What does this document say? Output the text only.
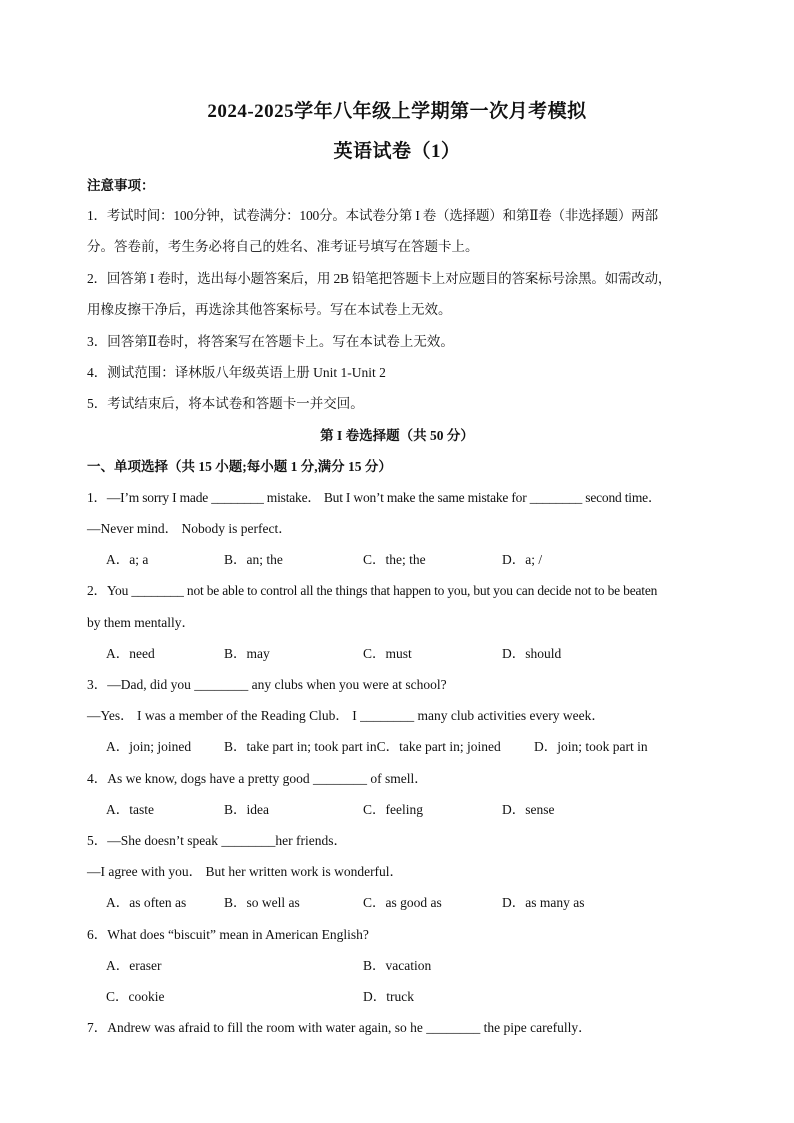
2024-2025学年八年级上学期第一次月考模拟
英语试卷（1）
注意事项：
1．考试时间：100分钟，试卷满分：100分。本试卷分第 I 卷（选择题）和第Ⅱ卷（非选择题）两部
分。答卷前，考生务必将自己的姓名、准考证号填写在答题卡上。
2．回答第 I 卷时，选出每小题答案后，用 2B 铅笔把答题卡上对应题目的答案标号涂黑。如需改动，
用橡皮擦干净后，再选涂其他答案标号。写在本试卷上无效。
3．回答第Ⅱ卷时，将答案写在答题卡上。写在本试卷上无效。
4．测试范围：译林版八年级英语上册 Unit 1-Unit 2
5．考试结束后，将本试卷和答题卡一并交回。
第 I 卷选择题（共 50 分）
一、单项选择（共 15 小题;每小题 1 分,满分 15 分）
1．—I’m sorry I made ________ mistake． But I won’t make the same mistake for ________ second time．
—Never mind． Nobody is perfect．
A．a; a	B．an; the	C．the; the	D．a; /
2．You ________ not be able to control all the things that happen to you, but you can decide not to be beaten
by them mentally．
A．need	B．may	C．must	D．should
3．—Dad, did you ________ any clubs when you were at school?
—Yes． I was a member of the Reading Club． I ________ many club activities every week．
A．join; joined B．take part in; took part inC．take part in; joined D．join; took part in
4．As we know, dogs have a pretty good ________ of smell．
A．taste	B．idea	C．feeling	D．sense
5．—She doesn’t speak ________her friends．
—I agree with you． But her written work is wonderful．
A．as often as	B．so well as	C．as good as	D．as many as
6．What does “biscuit” mean in American English?
A．eraser	B．vacation
C．cookie	D．truck
7．Andrew was afraid to fill the room with water again, so he ________ the pipe carefully．
